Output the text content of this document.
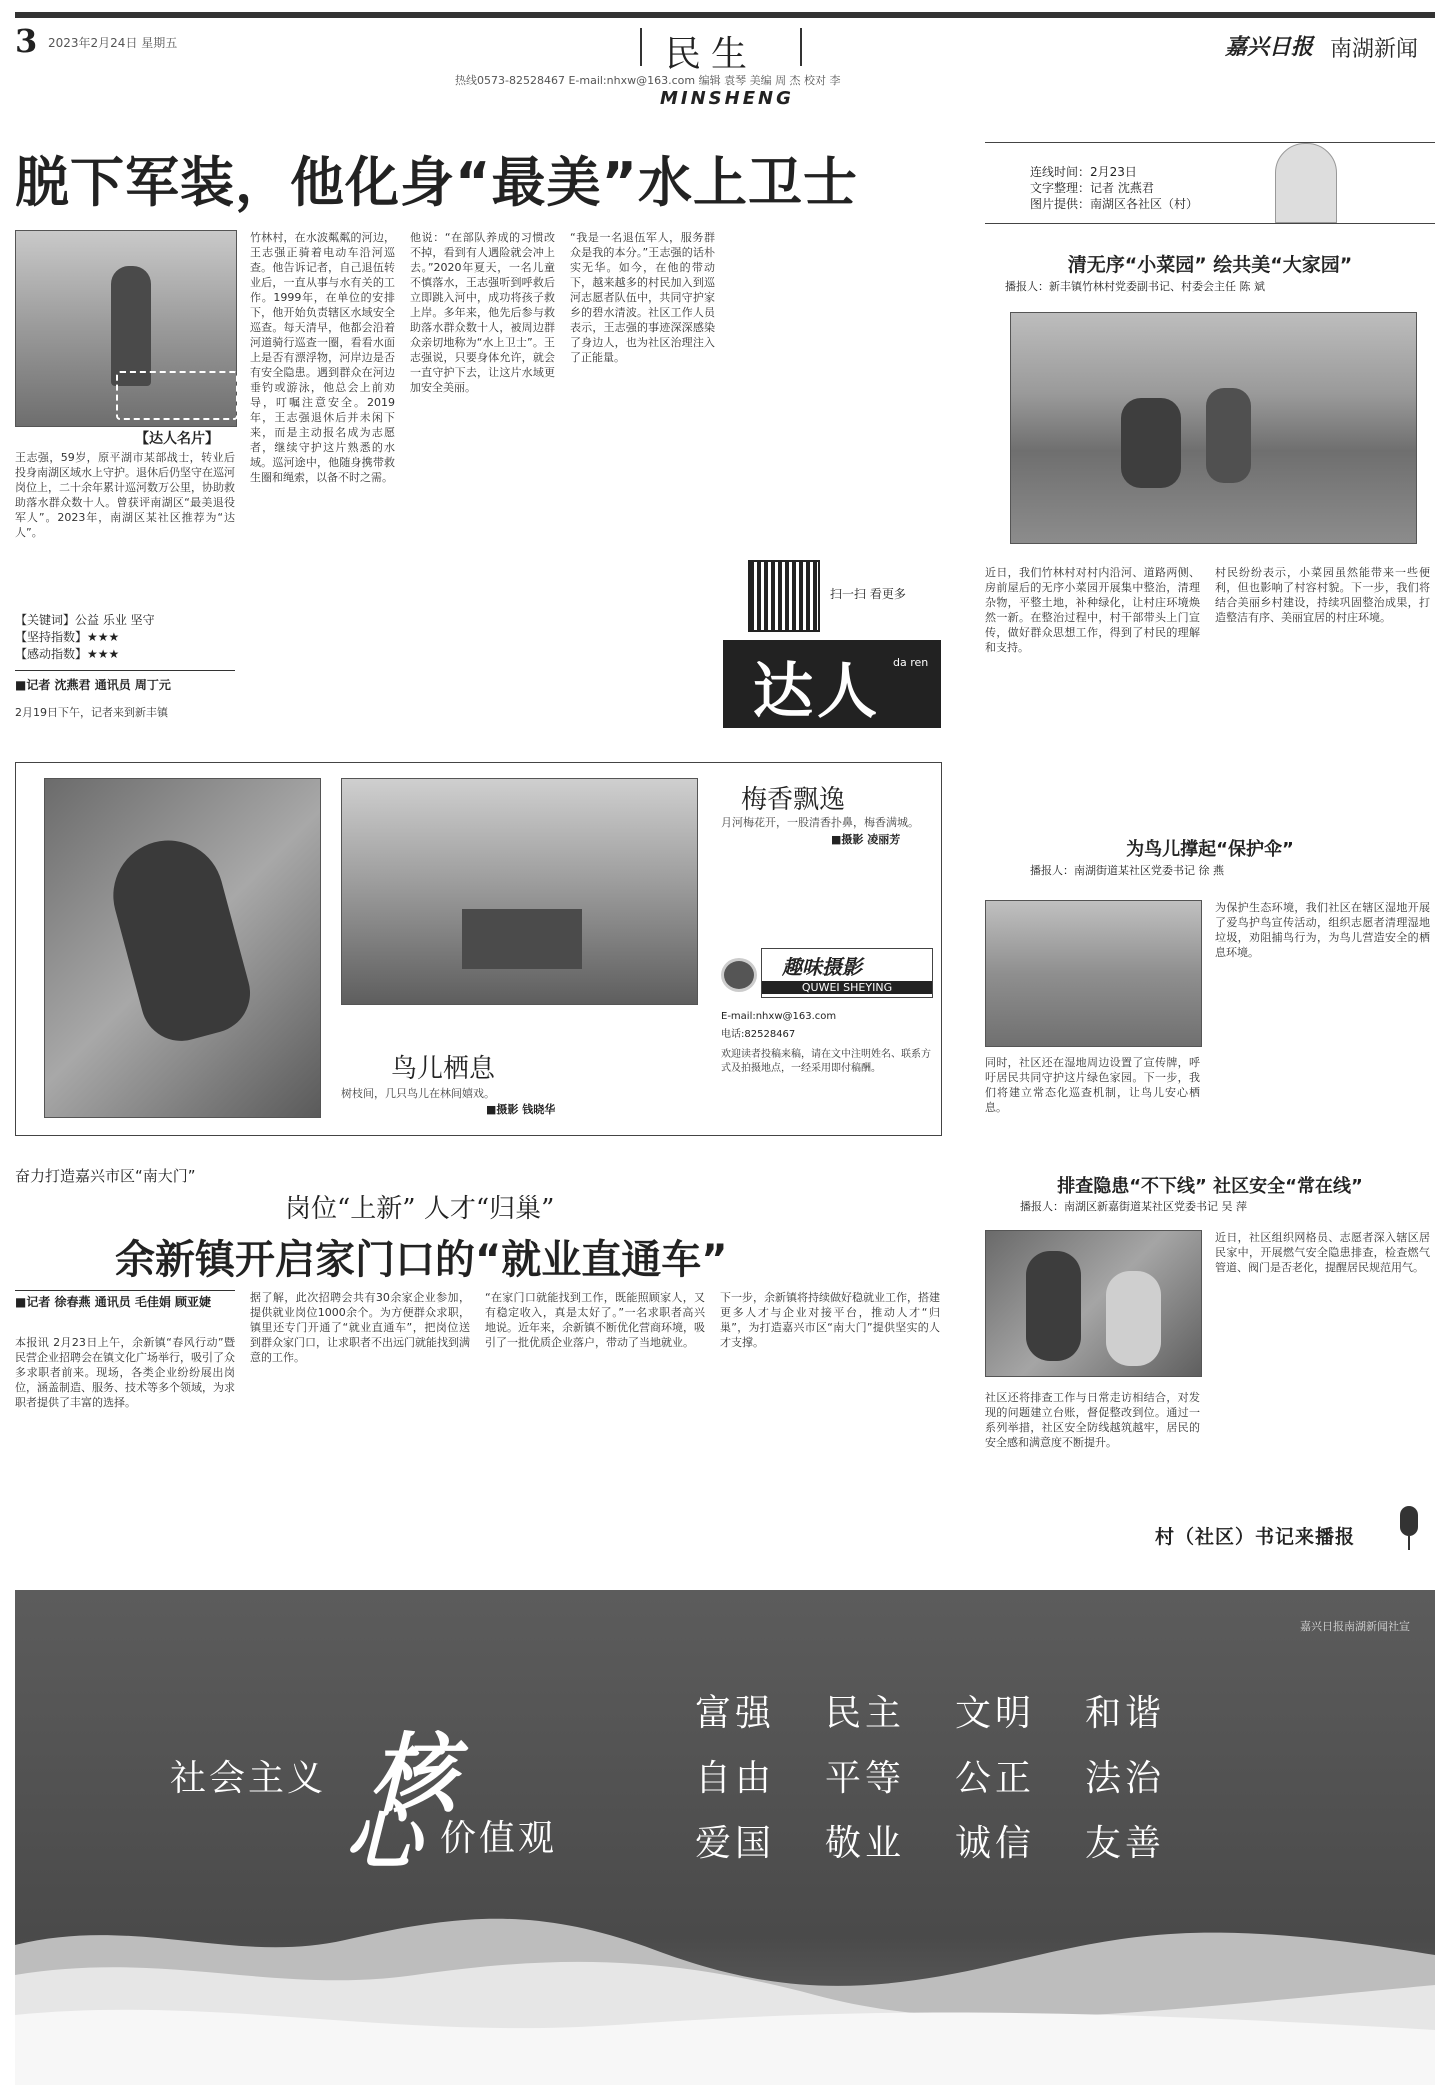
3 2023年2月24日 星期五	民生
热线0573-82528467 E-mail:nhxw@163.com 编辑 袁琴 美编 周 杰 校对 李
MINSHENG
嘉兴日报 南湖新闻
脱下军装，他化身“最美”水上卫士
【达人名片】
王志强，59岁，原平湖市某部战士，转业后投身南湖区域水上守护。退休后仍坚守在巡河岗位上，二十余年累计巡河数万公里，协助救助落水群众数十人。曾获评南湖区“最美退役军人”。2023年，南湖区某社区推荐为“达人”。
【关键词】公益 乐业 坚守
【坚持指数】★★★
【感动指数】★★★
■记者 沈燕君 通讯员 周丁元
2月19日下午，记者来到新丰镇
竹林村，在水波粼粼的河边，王志强正骑着电动车沿河巡查。他告诉记者，自己退伍转业后，一直从事与水有关的工作。1999年，在单位的安排下，他开始负责辖区水域安全巡查。每天清早，他都会沿着河道骑行巡查一圈，看看水面上是否有漂浮物，河岸边是否有安全隐患。遇到群众在河边垂钓或游泳，他总会上前劝导，叮嘱注意安全。2019年，王志强退休后并未闲下来，而是主动报名成为志愿者，继续守护这片熟悉的水域。巡河途中，他随身携带救生圈和绳索，以备不时之需。
他说：“在部队养成的习惯改不掉，看到有人遇险就会冲上去。”2020年夏天，一名儿童不慎落水，王志强听到呼救后立即跳入河中，成功将孩子救上岸。多年来，他先后参与救助落水群众数十人，被周边群众亲切地称为“水上卫士”。王志强说，只要身体允许，就会一直守护下去，让这片水域更加安全美丽。
“我是一名退伍军人，服务群众是我的本分。”王志强的话朴实无华。如今，在他的带动下，越来越多的村民加入到巡河志愿者队伍中，共同守护家乡的碧水清波。社区工作人员表示，王志强的事迹深深感染了身边人，也为社区治理注入了正能量。
扫一扫 看更多
达人 da ren
连线时间：2月23日
文字整理：记者 沈燕君
图片提供：南湖区各社区（村）
清无序“小菜园” 绘共美“大家园”
播报人：新丰镇竹林村党委副书记、村委会主任 陈 斌
近日，我们竹林村对村内沿河、道路两侧、房前屋后的无序小菜园开展集中整治，清理杂物，平整土地，补种绿化，让村庄环境焕然一新。在整治过程中，村干部带头上门宣传，做好群众思想工作，得到了村民的理解和支持。
村民纷纷表示，小菜园虽然能带来一些便利，但也影响了村容村貌。下一步，我们将结合美丽乡村建设，持续巩固整治成果，打造整洁有序、美丽宜居的村庄环境。
梅香飘逸
月河梅花开，一股清香扑鼻，梅香满城。
■摄影 凌丽芳
鸟儿栖息
树枝间，几只鸟儿在林间嬉戏。
■摄影 钱晓华
趣味摄影
QUWEI SHEYING
E-mail:nhxw@163.com
电话:82528467
欢迎读者投稿来稿，请在文中注明姓名、联系方式及拍摄地点，一经采用即付稿酬。
为鸟儿撑起“保护伞”
播报人：南湖街道某社区党委书记 徐 燕
为保护生态环境，我们社区在辖区湿地开展了爱鸟护鸟宣传活动，组织志愿者清理湿地垃圾，劝阻捕鸟行为，为鸟儿营造安全的栖息环境。
同时，社区还在湿地周边设置了宣传牌，呼吁居民共同守护这片绿色家园。下一步，我们将建立常态化巡查机制，让鸟儿安心栖息。
奋力打造嘉兴市区“南大门”
岗位“上新” 人才“归巢”
余新镇开启家门口的“就业直通车”
■记者 徐春燕 通讯员 毛佳娟 顾亚婕
本报讯 2月23日上午，余新镇“春风行动”暨民营企业招聘会在镇文化广场举行，吸引了众多求职者前来。现场，各类企业纷纷展出岗位，涵盖制造、服务、技术等多个领域，为求职者提供了丰富的选择。
据了解，此次招聘会共有30余家企业参加，提供就业岗位1000余个。为方便群众求职，镇里还专门开通了“就业直通车”，把岗位送到群众家门口，让求职者不出远门就能找到满意的工作。
“在家门口就能找到工作，既能照顾家人，又有稳定收入，真是太好了。”一名求职者高兴地说。近年来，余新镇不断优化营商环境，吸引了一批优质企业落户，带动了当地就业。
下一步，余新镇将持续做好稳就业工作，搭建更多人才与企业对接平台，推动人才“归巢”，为打造嘉兴市区“南大门”提供坚实的人才支撑。
排查隐患“不下线” 社区安全“常在线”
播报人：南湖区新嘉街道某社区党委书记 吴 萍
近日，社区组织网格员、志愿者深入辖区居民家中，开展燃气安全隐患排查，检查燃气管道、阀门是否老化，提醒居民规范用气。
社区还将排查工作与日常走访相结合，对发现的问题建立台账，督促整改到位。通过一系列举措，社区安全防线越筑越牢，居民的安全感和满意度不断提升。
村（社区）书记来播报
嘉兴日报南湖新闻社宣
社会主义 核
心 价值观
富强 民主 文明 和谐
自由 平等 公正 法治
爱国 敬业 诚信 友善
